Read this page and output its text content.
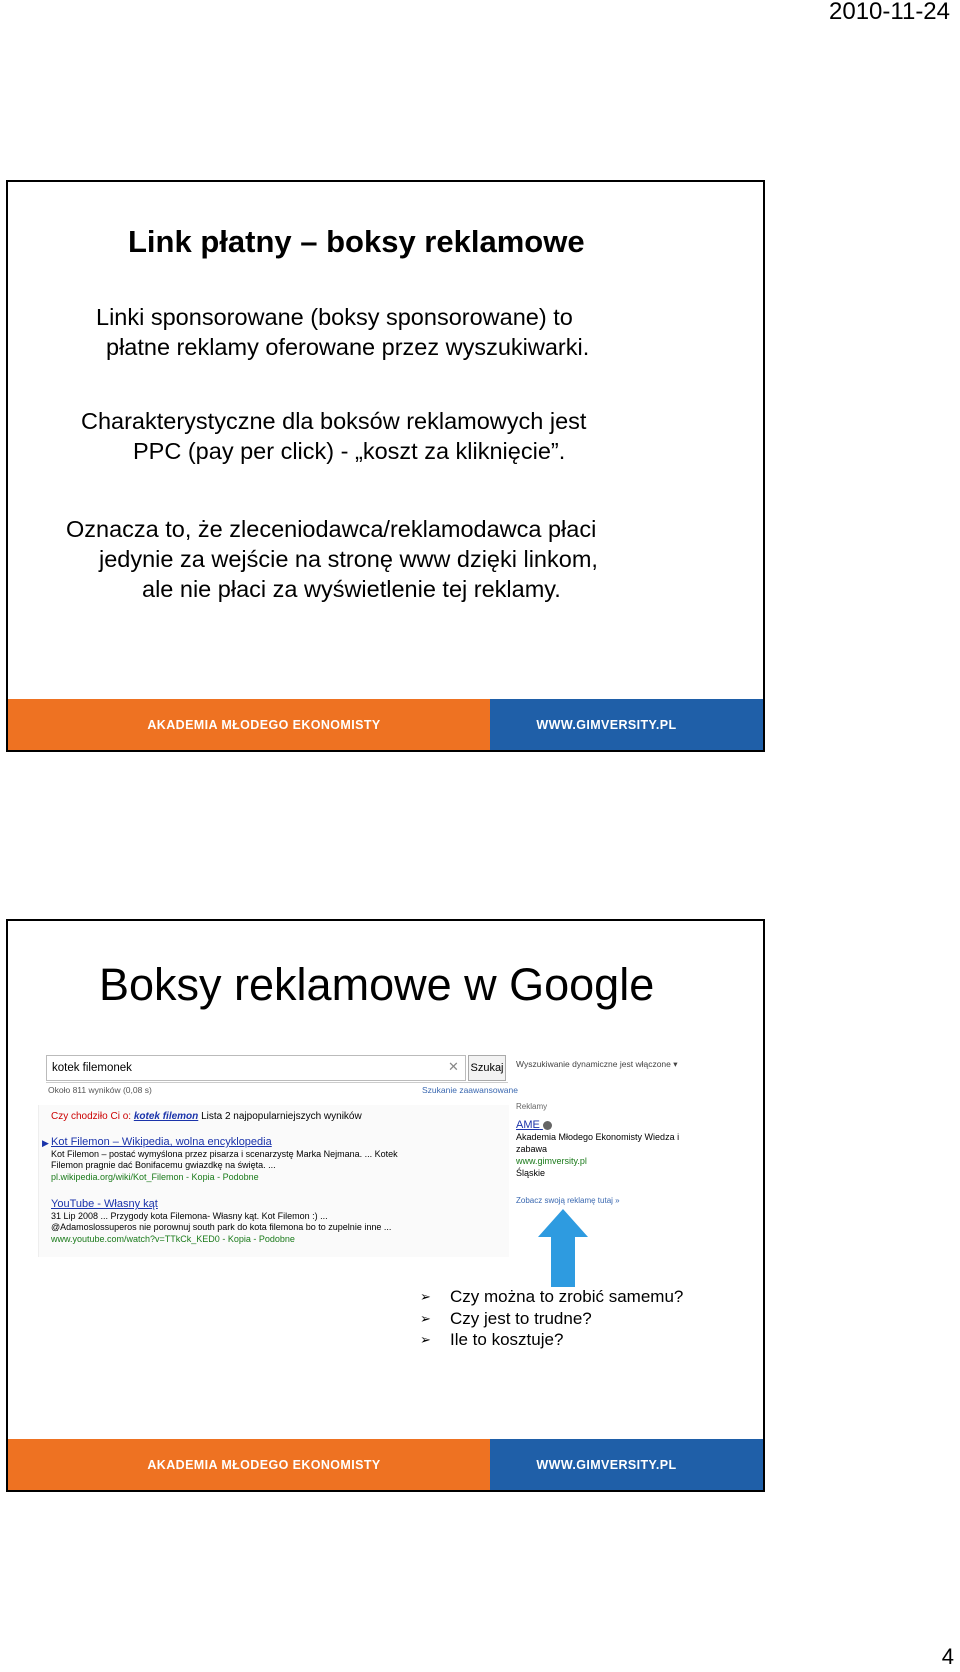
2010-11-24
Link płatny – boksy reklamowe
Linki sponsorowane (boksy sponsorowane) to
płatne reklamy oferowane przez wyszukiwarki.
Charakterystyczne dla boksów reklamowych jest
PPC (pay per click) - „koszt za kliknięcie”.
Oznacza to, że zleceniodawca/reklamodawca płaci
jedynie za wejście na stronę www dzięki linkom,
ale nie płaci za wyświetlenie tej reklamy.
AKADEMIA MŁODEGO EKONOMISTY	WWW.GIMVERSITY.PL
Boksy reklamowe w Google
kotek filemonek	✕ Szukaj Wyszukiwanie dynamiczne jest włączone ▾
Około 811 wyników (0,08 s)	Szukanie zaawansowane
Czy chodziło Ci o: kotek filemon Lista 2 najpopularniejszych wyników
▶ Kot Filemon – Wikipedia, wolna encyklopedia
Kot Filemon – postać wymyślona przez pisarza i scenarzystę Marka Nejmana. ... Kotek
Filemon pragnie dać Bonifacemu gwiazdkę na święta. ...
pl.wikipedia.org/wiki/Kot_Filemon - Kopia - Podobne
YouTube - Własny kąt
31 Lip 2008 ... Przygody kota Filemona- Własny kąt. Kot Filemon :) ...
@Adamoslossuperos nie porownuj south park do kota filemona bo to zupelnie inne ...
www.youtube.com/watch?v=TTkCk_KED0 - Kopia - Podobne
Reklamy
AME
Akademia Młodego Ekonomisty Wiedza i
zabawa
www.gimversity.pl
Śląskie
Zobacz swoją reklamę tutaj »
➢	Czy można to zrobić samemu?
➢	Czy jest to trudne?
➢	Ile to kosztuje?
AKADEMIA MŁODEGO EKONOMISTY	WWW.GIMVERSITY.PL
4
